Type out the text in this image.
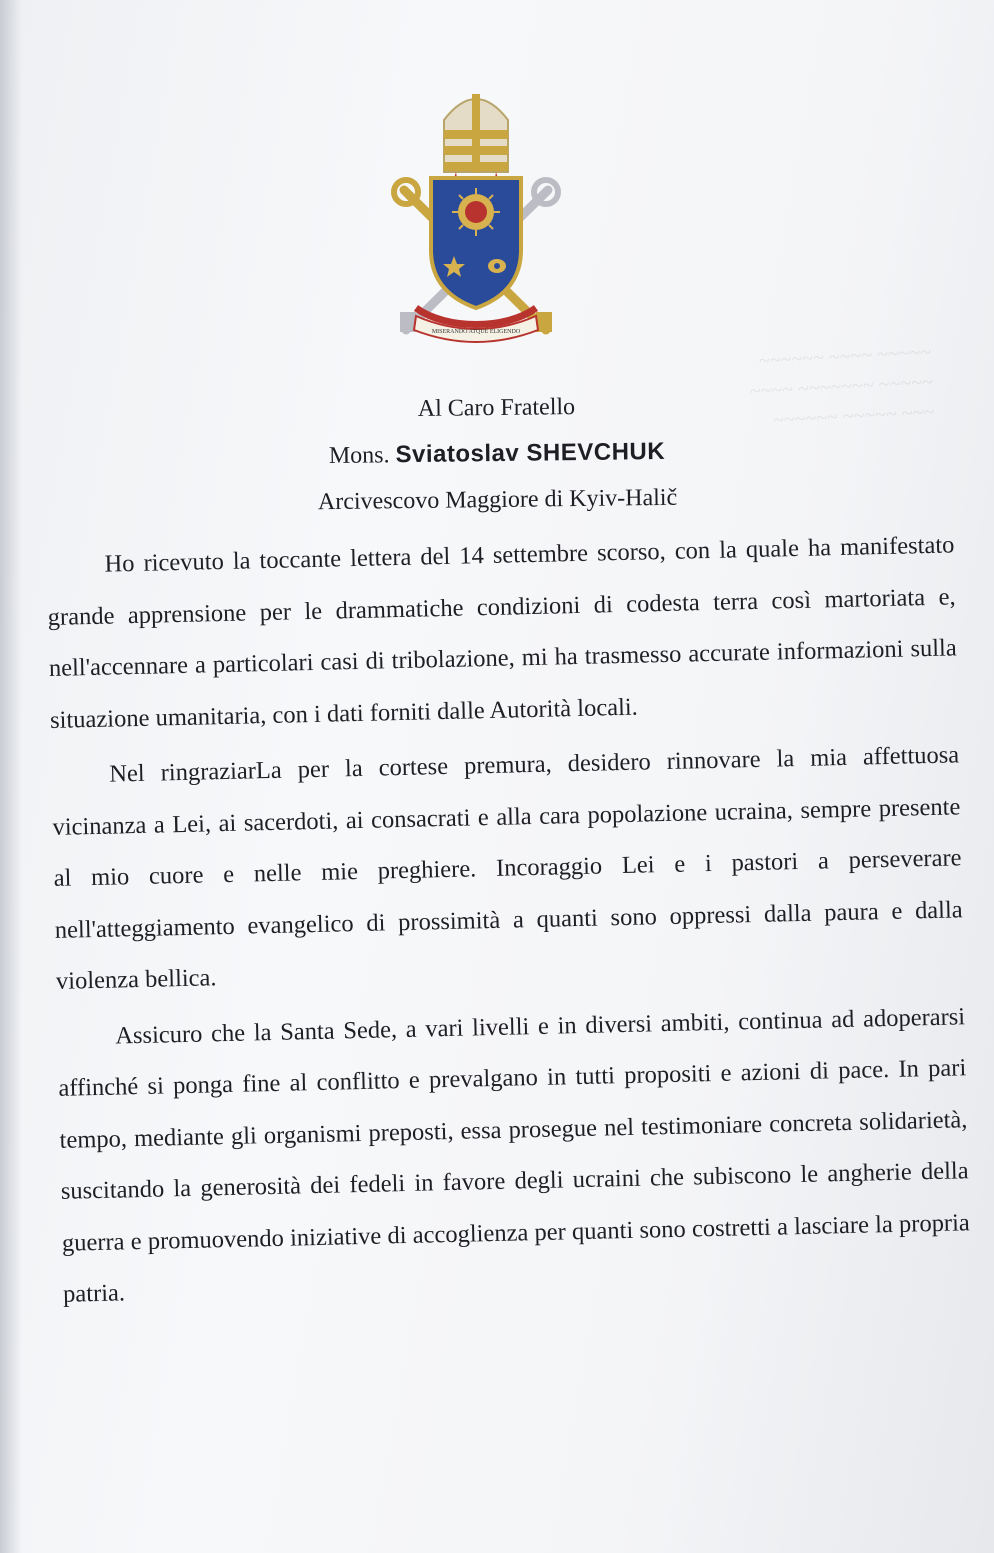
~~~~~~ ~~~~ ~~~~~
~~~~ ~~~~~~~ ~~~~~
~~~~~~ ~~~~~ ~~~
MISERANDO ATQUE ELIGENDO
Al Caro Fratello
Mons. Sviatoslav SHEVCHUK
Arcivescovo Maggiore di Kyiv-Halič

Ho ricevuto la toccante lettera del 14 settembre scorso, con la quale ha manifestato grande apprensione per le drammatiche condizioni di codesta terra così martoriata e, nell'accennare a particolari casi di tribolazione, mi ha trasmesso accurate informazioni sulla situazione umanitaria, con i dati forniti dalle Autorità locali.

Nel ringraziarLa per la cortese premura, desidero rinnovare la mia affettuosa vicinanza a Lei, ai sacerdoti, ai consacrati e alla cara popolazione ucraina, sempre presente al mio cuore e nelle mie preghiere. Incoraggio Lei e i pastori a perseverare nell'atteggiamento evangelico di prossimità a quanti sono oppressi dalla paura e dalla violenza bellica.

Assicuro che la Santa Sede, a vari livelli e in diversi ambiti, continua ad adoperarsi affinché si ponga fine al conflitto e prevalgano in tutti propositi e azioni di pace. In pari tempo, mediante gli organismi preposti, essa prosegue nel testimoniare concreta solidarietà, suscitando la generosità dei fedeli in favore degli ucraini che subiscono le angherie della guerra e promuovendo iniziative di accoglienza per quanti sono costretti a lasciare la propria patria.
